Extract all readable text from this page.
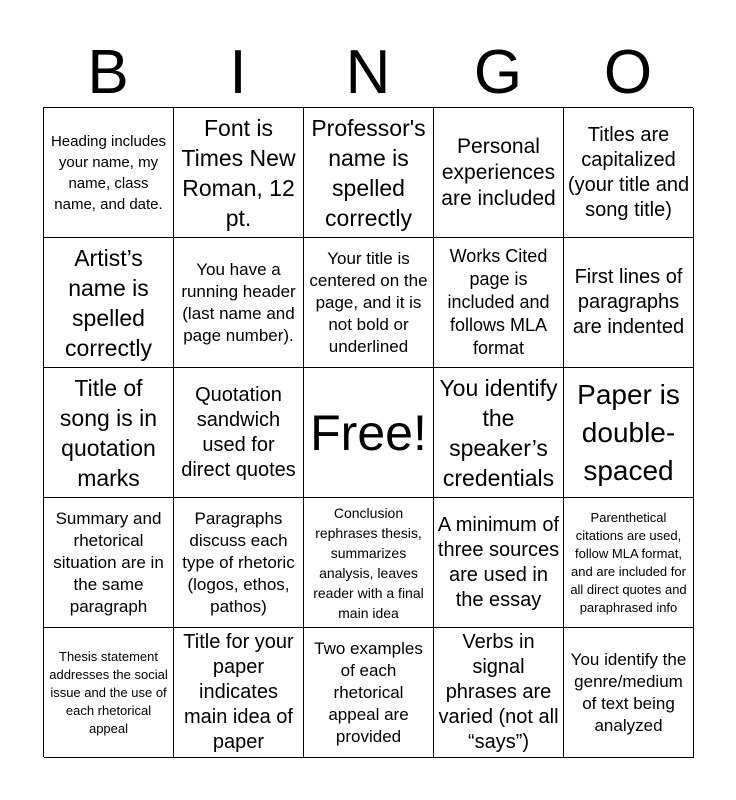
B	I	N	G	O
Heading includes your name, my name, class name, and date.
Font is Times New Roman, 12 pt.
Professor's name is spelled correctly
Personal experiences are included
Titles are capitalized (your title and song title)
Artist’s name is spelled correctly
You have a running header (last name and page number).
Your title is centered on the page, and it is not bold or underlined
Works Cited page is included and follows MLA format
First lines of paragraphs are indented
Title of song is in quotation marks
Quotation sandwich used for direct quotes
Free!
You identify the speaker’s credentials
Paper is double-spaced
Summary and rhetorical situation are in the same paragraph
Paragraphs discuss each type of rhetoric (logos, ethos, pathos)
Conclusion rephrases thesis, summarizes analysis, leaves reader with a final main idea
A minimum of three sources are used in the essay
Parenthetical citations are used, follow MLA format, and are included for all direct quotes and paraphrased info
Thesis statement addresses the social issue and the use of each rhetorical appeal
Title for your paper indicates main idea of paper
Two examples of each rhetorical appeal are provided
Verbs in signal phrases are varied (not all “says”)
You identify the genre/medium of text being analyzed
